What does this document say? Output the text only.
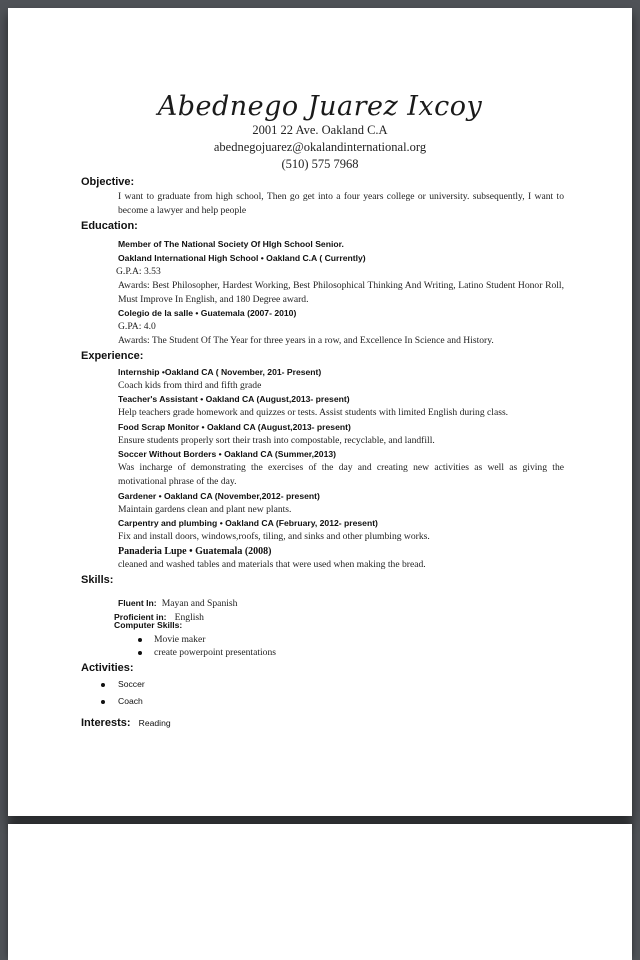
Abednego Juarez Ixcoy
2001 22 Ave. Oakland C.A
abednegojuarez@okalandinternational.org
(510) 575 7968
Objective:
I want to graduate from high school, Then go get into a four years college or university. subsequently, I want to become a lawyer and help people
Education:
Member of The National Society Of HIgh School Senior.
Oakland International High School • Oakland C.A ( Currently)
G.P.A: 3.53
Awards: Best Philosopher, Hardest Working, Best Philosophical Thinking And Writing, Latino Student Honor Roll, Must Improve In English, and 180 Degree award.
Colegio de la salle • Guatemala (2007- 2010)
G.PA: 4.0
Awards: The Student Of The Year for three years in a row, and Excellence In Science and History.
Experience:
Internship •Oakland CA ( November, 201- Present)
Coach kids from third and fifth grade
Teacher's Assistant • Oakland CA (August,2013- present)
Help teachers grade homework and quizzes or tests. Assist students with limited English during class.
Food Scrap Monitor • Oakland CA (August,2013- present)
Ensure students properly sort their trash into compostable, recyclable, and landfill.
Soccer Without Borders • Oakland CA (Summer,2013)
Was incharge of demonstrating the exercises of the day and creating new activities as well as giving the motivational phrase of the day.
Gardener • Oakland CA (November,2012- present)
Maintain gardens clean and plant new plants.
Carpentry and plumbing • Oakland CA (February, 2012- present)
Fix and install doors, windows,roofs, tiling, and sinks and other plumbing works.
Panaderia Lupe • Guatemala (2008)
cleaned and washed tables and materials that were used when making the bread.
Skills:
Fluent In: Mayan and Spanish
Proficient in: English
Computer Skills:
Movie maker
create powerpoint presentations
Activities:
Soccer
Coach
Interests: Reading
